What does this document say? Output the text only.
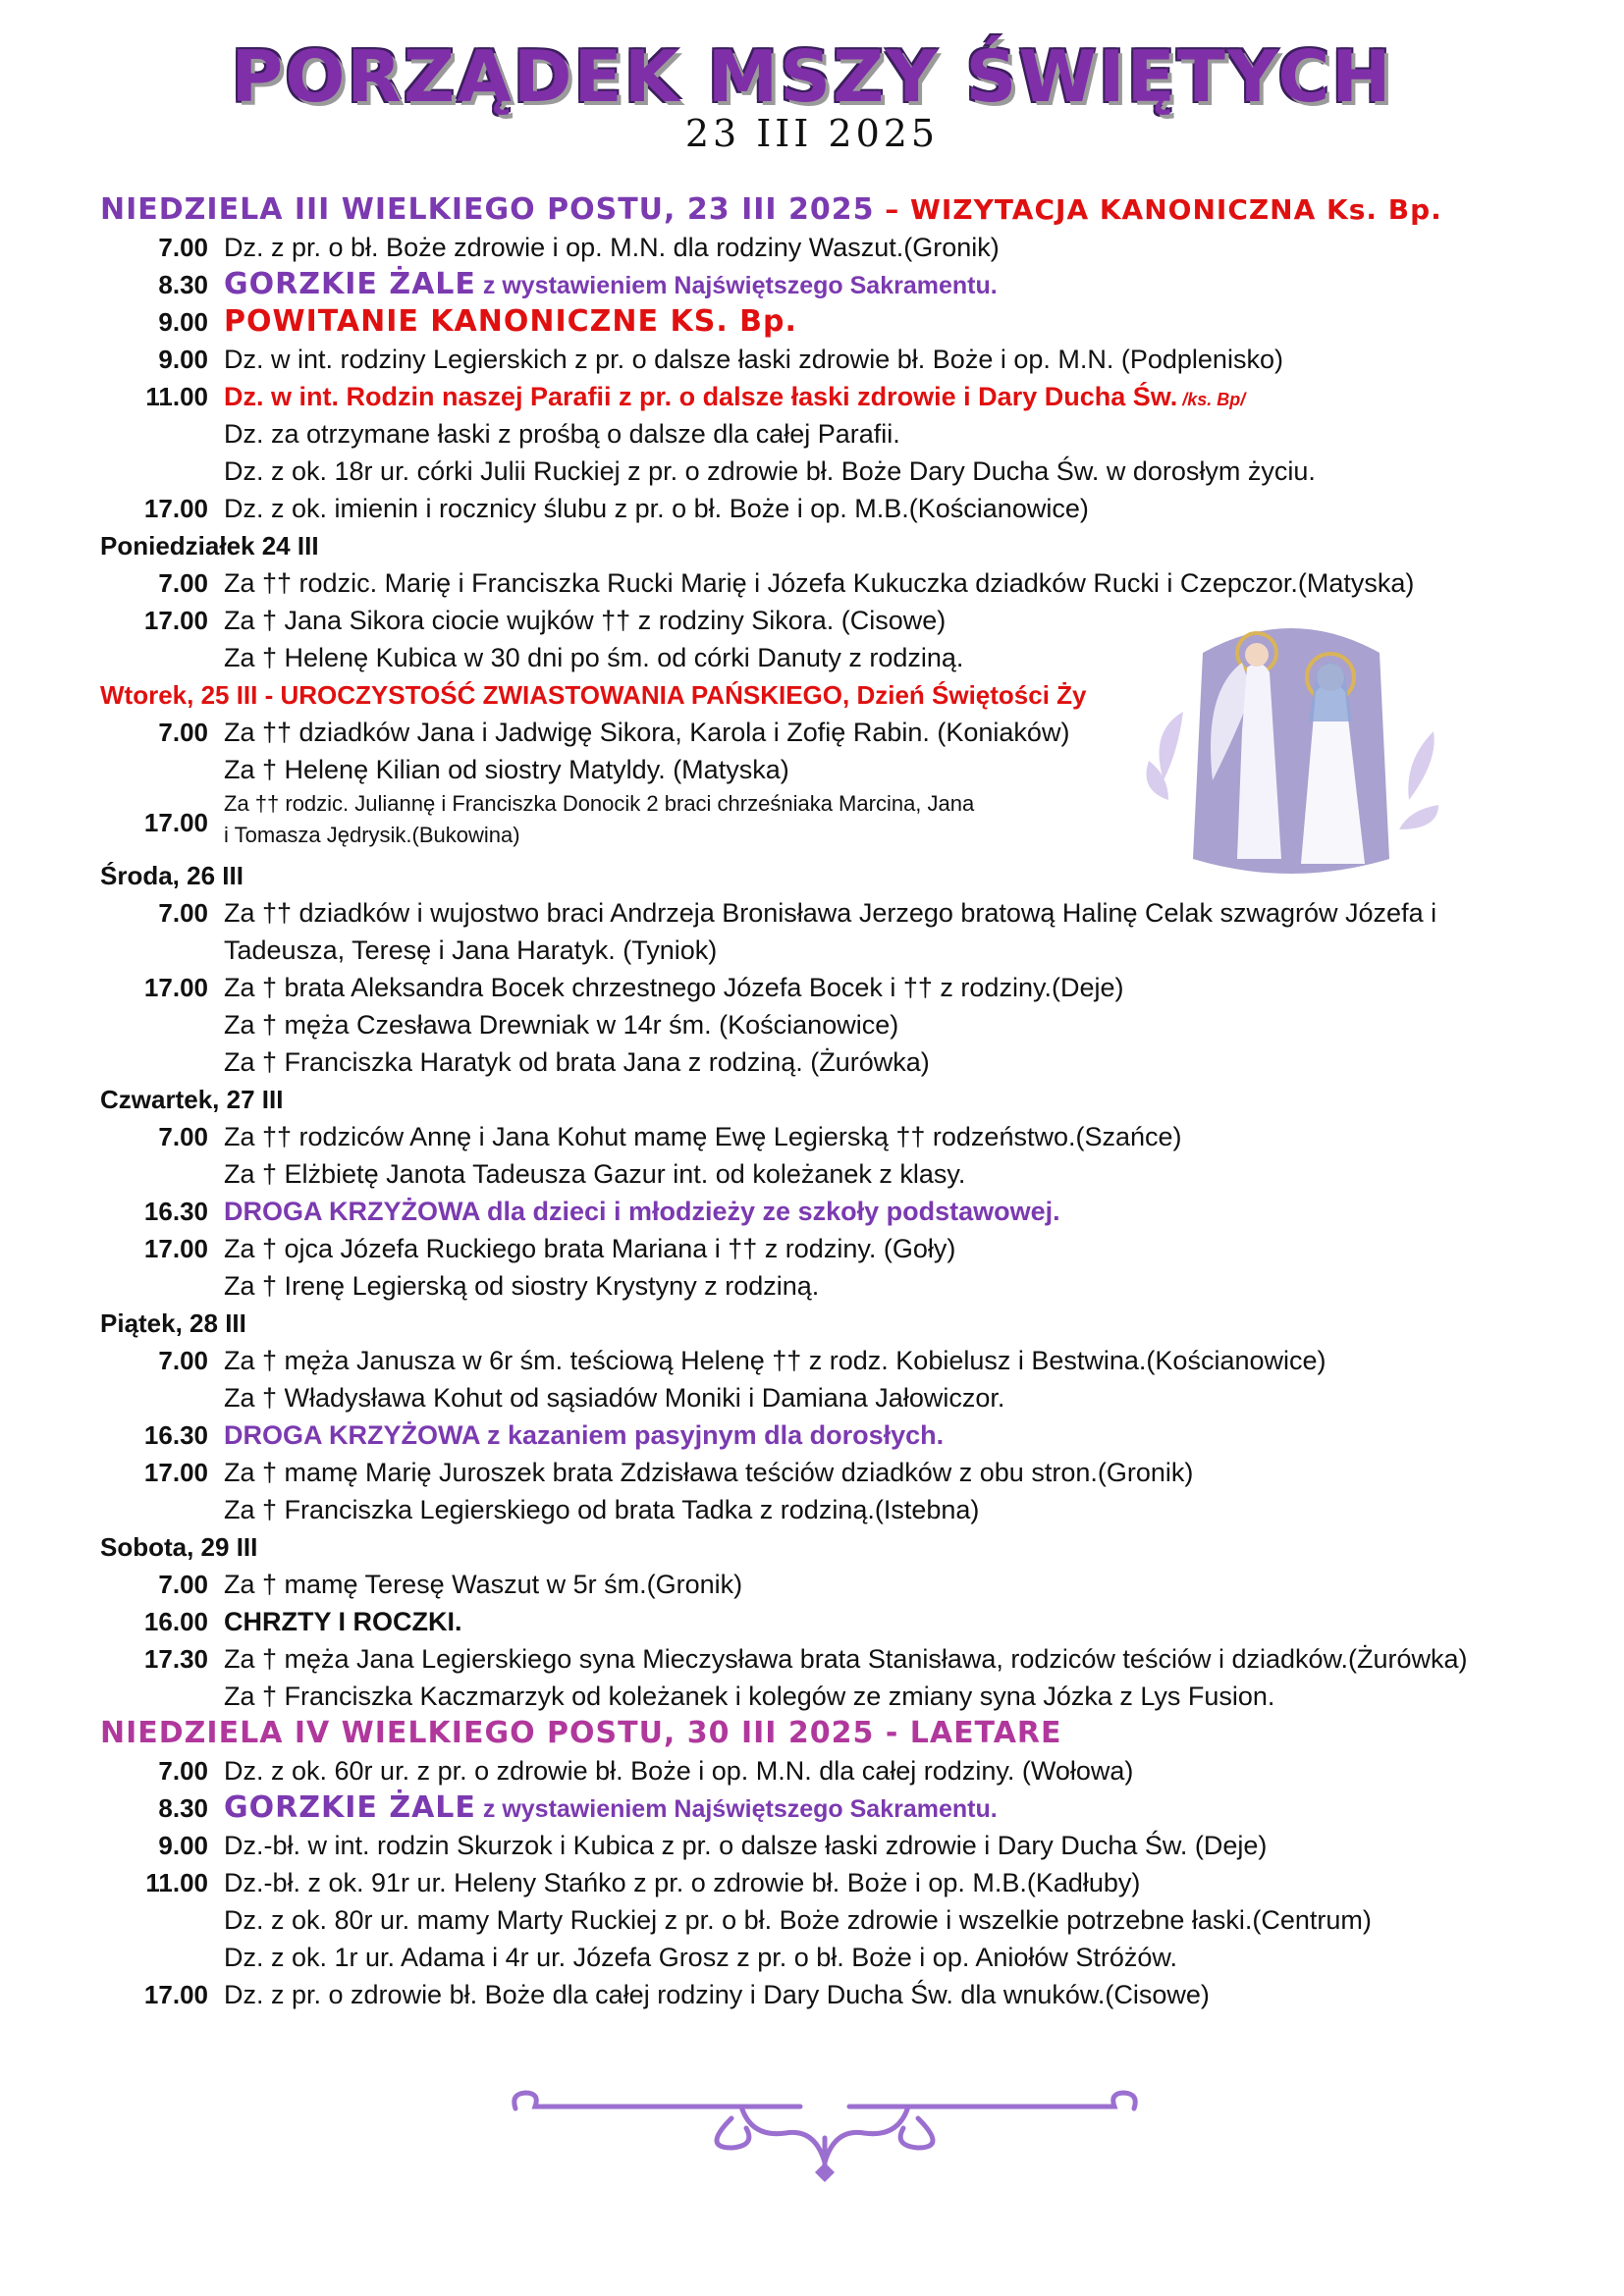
PORZĄDEK MSZY ŚWIĘTYCH
23 III 2025
NIEDZIELA III WIELKIEGO POSTU, 23 III 2025 – WIZYTACJA KANONICZNA Ks. Bp.
7.00 Dz. z pr. o bł. Boże zdrowie i op. M.N. dla rodziny Waszut.(Gronik)
8.30 GORZKIE ŻALE z wystawieniem Najświętszego Sakramentu.
9.00 POWITANIE KANONICZNE KS. Bp.
9.00 Dz. w int. rodziny Legierskich z pr. o dalsze łaski zdrowie bł. Boże i op. M.N. (Podplenisko)
11.00 Dz. w int. Rodzin naszej Parafii z pr. o dalsze łaski zdrowie i Dary Ducha Św. /ks. Bp/
Dz. za otrzymane łaski z prośbą o dalsze dla całej Parafii.
Dz. z ok. 18r ur. córki Julii Ruckiej z pr. o zdrowie bł. Boże Dary Ducha Św. w dorosłym życiu.
17.00 Dz. z ok. imienin i rocznicy ślubu z pr. o bł. Boże i op. M.B.(Kościanowice)
Poniedziałek 24 III
7.00 Za †† rodzic. Marię i Franciszka Rucki Marię i Józefa Kukuczka dziadków Rucki i Czepczor.(Matyska)
17.00 Za † Jana Sikora ciocie wujków †† z rodziny Sikora. (Cisowe)
Za † Helenę Kubica w 30 dni po śm. od córki Danuty z rodziną.
Wtorek, 25 III - UROCZYSTOŚĆ ZWIASTOWANIA PAŃSKIEGO, Dzień Świętości Ży
7.00 Za †† dziadków Jana i Jadwigę Sikora, Karola i Zofię Rabin. (Koniaków)
Za † Helenę Kilian od siostry Matyldy. (Matyska)
17.00
Za †† rodzic. Juliannę i Franciszka Donocik 2 braci chrześniaka Marcina, Jana
i Tomasza Jędrysik.(Bukowina)
Środa, 26 III
7.00 Za †† dziadków i wujostwo braci Andrzeja Bronisława Jerzego bratową Halinę Celak szwagrów Józefa i
Tadeusza, Teresę i Jana Haratyk. (Tyniok)
17.00 Za † brata Aleksandra Bocek chrzestnego Józefa Bocek i †† z rodziny.(Deje)
Za † męża Czesława Drewniak w 14r śm. (Kościanowice)
Za † Franciszka Haratyk od brata Jana z rodziną. (Żurówka)
Czwartek, 27 III
7.00 Za †† rodziców Annę i Jana Kohut mamę Ewę Legierską †† rodzeństwo.(Szańce)
Za † Elżbietę Janota Tadeusza Gazur int. od koleżanek z klasy.
16.30 DROGA KRZYŻOWA dla dzieci i młodzieży ze szkoły podstawowej.
17.00 Za † ojca Józefa Ruckiego brata Mariana i †† z rodziny. (Goły)
Za † Irenę Legierską od siostry Krystyny z rodziną.
Piątek, 28 III
7.00 Za † męża Janusza w 6r śm. teściową Helenę †† z rodz. Kobielusz i Bestwina.(Kościanowice)
Za † Władysława Kohut od sąsiadów Moniki i Damiana Jałowiczor.
16.30 DROGA KRZYŻOWA z kazaniem pasyjnym dla dorosłych.
17.00 Za † mamę Marię Juroszek brata Zdzisława teściów dziadków z obu stron.(Gronik)
Za † Franciszka Legierskiego od brata Tadka z rodziną.(Istebna)
Sobota, 29 III
7.00 Za † mamę Teresę Waszut w 5r śm.(Gronik)
16.00 CHRZTY I ROCZKI.
17.30 Za † męża Jana Legierskiego syna Mieczysława brata Stanisława, rodziców teściów i dziadków.(Żurówka)
Za † Franciszka Kaczmarzyk od koleżanek i kolegów ze zmiany syna Józka z Lys Fusion.
NIEDZIELA IV WIELKIEGO POSTU, 30 III 2025 - LAETARE
7.00 Dz. z ok. 60r ur. z pr. o zdrowie bł. Boże i op. M.N. dla całej rodziny. (Wołowa)
8.30 GORZKIE ŻALE z wystawieniem Najświętszego Sakramentu.
9.00 Dz.-bł. w int. rodzin Skurzok i Kubica z pr. o dalsze łaski zdrowie i Dary Ducha Św. (Deje)
11.00 Dz.-bł. z ok. 91r ur. Heleny Stańko z pr. o zdrowie bł. Boże i op. M.B.(Kadłuby)
Dz. z ok. 80r ur. mamy Marty Ruckiej z pr. o bł. Boże zdrowie i wszelkie potrzebne łaski.(Centrum)
Dz. z ok. 1r ur. Adama i 4r ur. Józefa Grosz z pr. o bł. Boże i op. Aniołów Stróżów.
17.00 Dz. z pr. o zdrowie bł. Boże dla całej rodziny i Dary Ducha Św. dla wnuków.(Cisowe)
